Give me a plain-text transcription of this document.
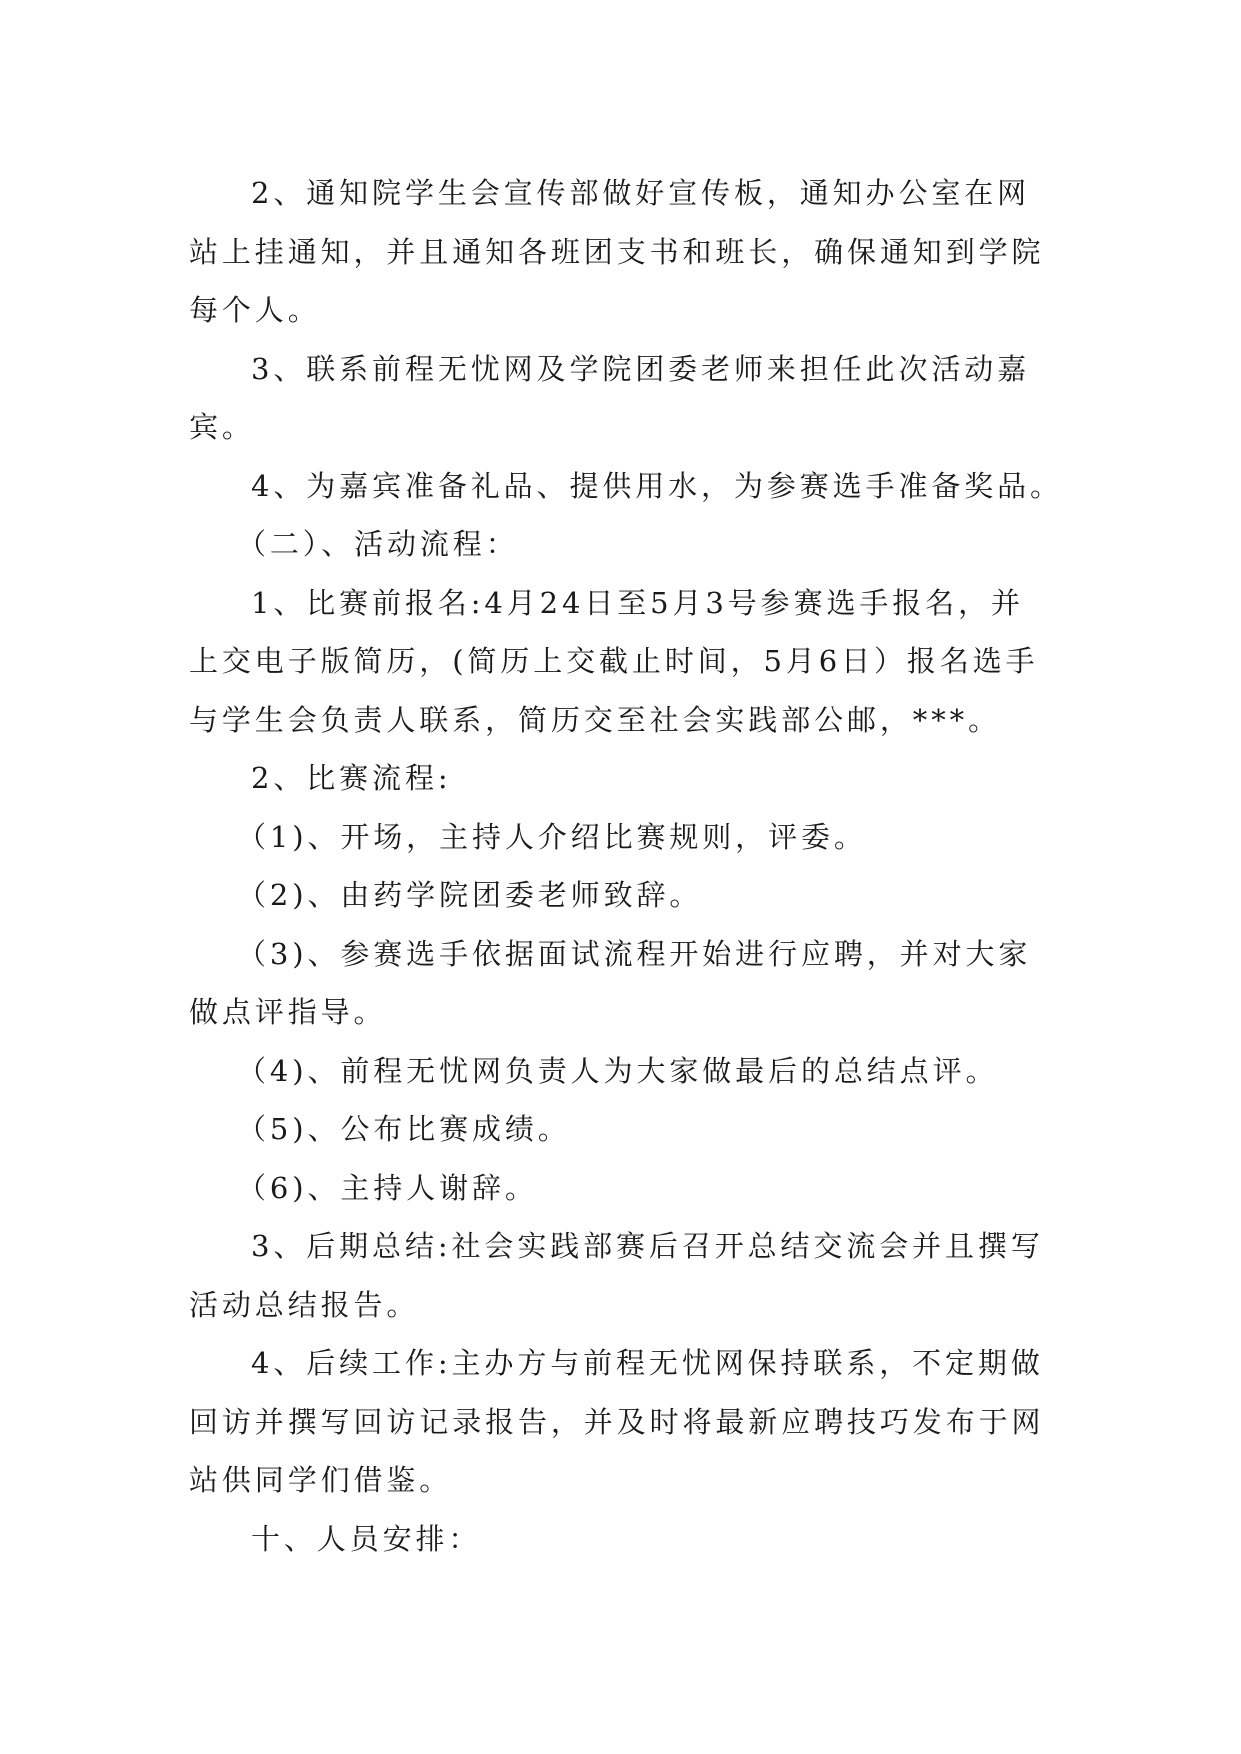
2、通知院学生会宣传部做好宣传板，通知办公室在网
站上挂通知，并且通知各班团支书和班长，确保通知到学院
每个人。
3、联系前程无忧网及学院团委老师来担任此次活动嘉
宾。
4、为嘉宾准备礼品、提供用水，为参赛选手准备奖品。
（二）、活动流程：
1、比赛前报名:4月24日至5月3号参赛选手报名，并
上交电子版简历，(简历上交截止时间，5月6日）报名选手
与学生会负责人联系，简历交至社会实践部公邮，***。
2、比赛流程:
（1)、开场，主持人介绍比赛规则，评委。
（2)、由药学院团委老师致辞。
（3)、参赛选手依据面试流程开始进行应聘，并对大家
做点评指导。
（4)、前程无忧网负责人为大家做最后的总结点评。
（5)、公布比赛成绩。
（6)、主持人谢辞。
3、后期总结:社会实践部赛后召开总结交流会并且撰写
活动总结报告。
4、后续工作:主办方与前程无忧网保持联系，不定期做
回访并撰写回访记录报告，并及时将最新应聘技巧发布于网
站供同学们借鉴。
十、人员安排：
